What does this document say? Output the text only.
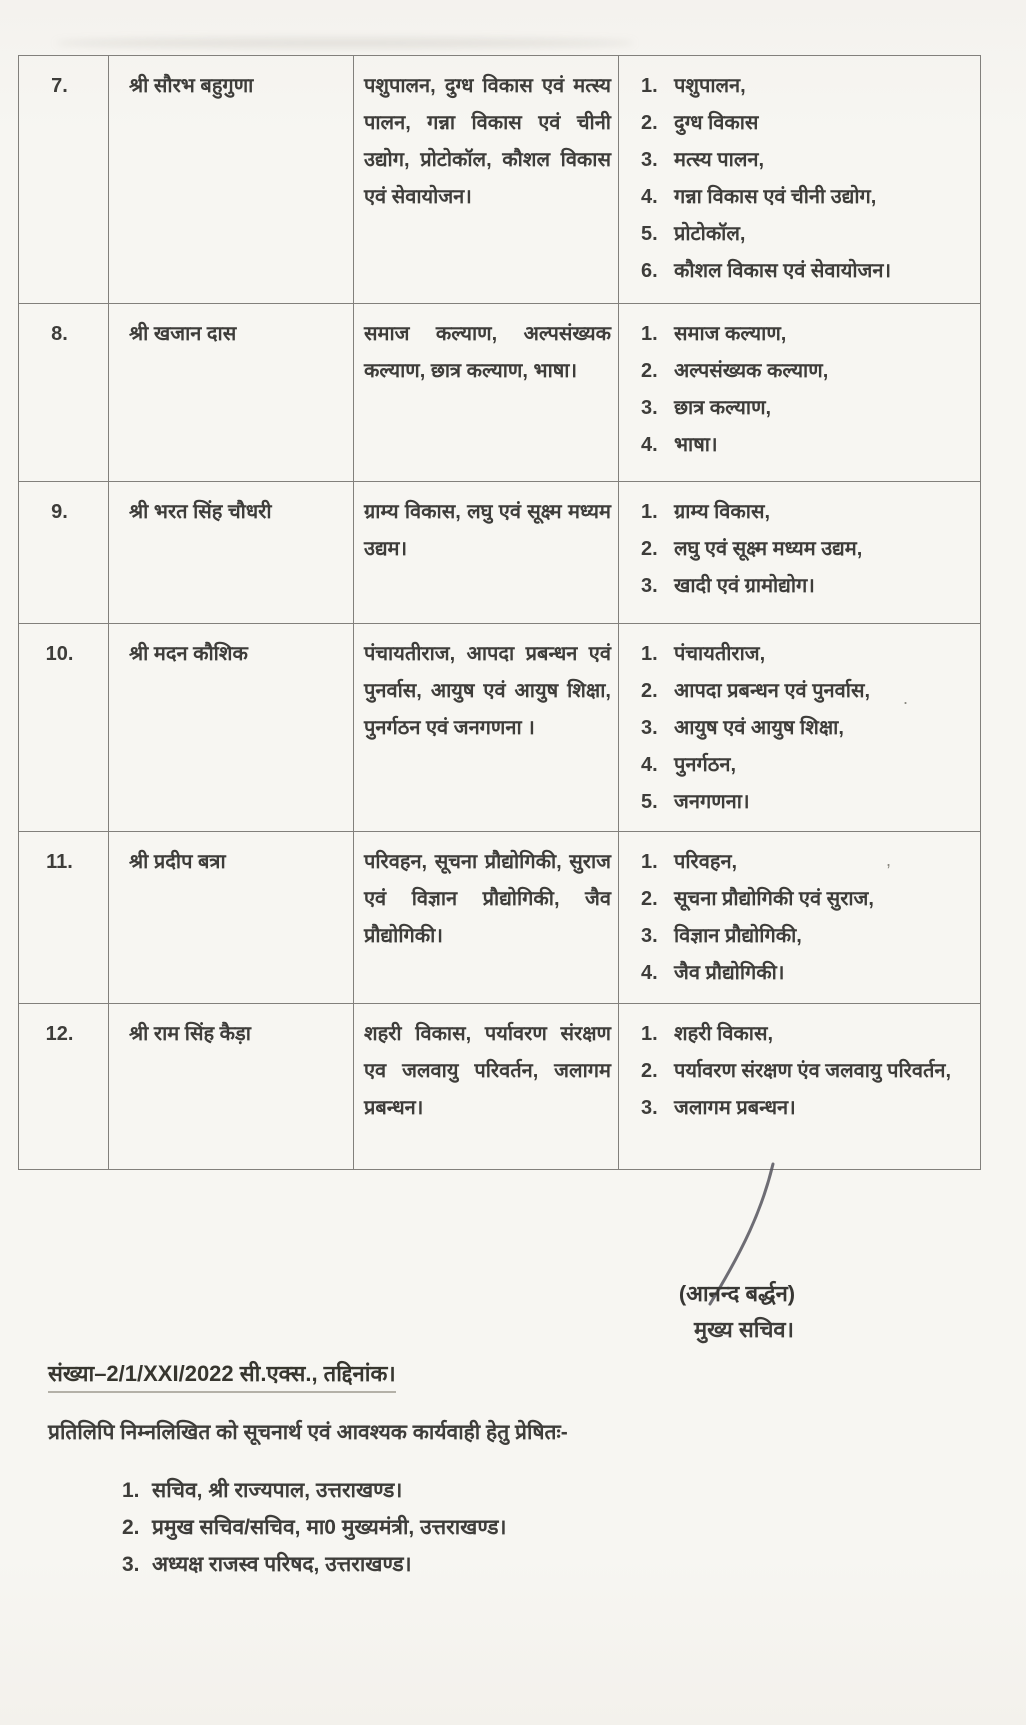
7.	श्री सौरभ बहुगुणा	पशुपालन, दुग्ध विकास एवं मत्स्य पालन, गन्ना विकास एवं चीनी उद्योग, प्रोटोकॉल, कौशल विकास एवं सेवायोजन।	
1. पशुपालन,
2. दुग्ध विकास
3. मत्स्य पालन,
4. गन्ना विकास एवं चीनी उद्योग,
5. प्रोटोकॉल,
6. कौशल विकास एवं सेवायोजन।

8.	श्री खजान दास	समाज कल्याण, अल्पसंख्यक कल्याण, छात्र कल्याण, भाषा।	
1. समाज कल्याण,
2. अल्पसंख्यक कल्याण,
3. छात्र कल्याण,
4. भाषा।

9.	श्री भरत सिंह चौधरी	ग्राम्य विकास, लघु एवं सूक्ष्म मध्यम उद्यम।	
1. ग्राम्य विकास,
2. लघु एवं सूक्ष्म मध्यम उद्यम,
3. खादी एवं ग्रामोद्योग।

10.	श्री मदन कौशिक	पंचायतीराज, आपदा प्रबन्धन एवं पुनर्वास, आयुष एवं आयुष शिक्षा, पुनर्गठन एवं जनगणना ।	
1. पंचायतीराज,
2. आपदा प्रबन्धन एवं पुनर्वास,
3. आयुष एवं आयुष शिक्षा,
4. पुनर्गठन,
5. जनगणना।

11.	श्री प्रदीप बत्रा	परिवहन, सूचना प्रौद्योगिकी, सुराज एवं विज्ञान प्रौद्योगिकी, जैव प्रौद्योगिकी।	
1. परिवहन,
2. सूचना प्रौद्योगिकी एवं सुराज,
3. विज्ञान प्रौद्योगिकी,
4. जैव प्रौद्योगिकी।

12.	श्री राम सिंह कैड़ा	शहरी विकास, पर्यावरण संरक्षण एव जलवायु परिवर्तन, जलागम प्रबन्धन।	
1. शहरी विकास,
2. पर्यावरण संरक्षण एंव जलवायु परिवर्तन,
3. जलागम प्रबन्धन।
(आनन्द बर्द्धन)
मुख्य सचिव।
संख्या–2/1/XXI/2022 सी.एक्स., तद्दिनांक।
प्रतिलिपि निम्नलिखित को सूचनार्थ एवं आवश्यक कार्यवाही हेतु प्रेषितः-
1. सचिव, श्री राज्यपाल, उत्तराखण्ड।
2. प्रमुख सचिव/सचिव, मा0 मुख्यमंत्री, उत्तराखण्ड।
3. अध्यक्ष राजस्व परिषद, उत्तराखण्ड।
.
,
